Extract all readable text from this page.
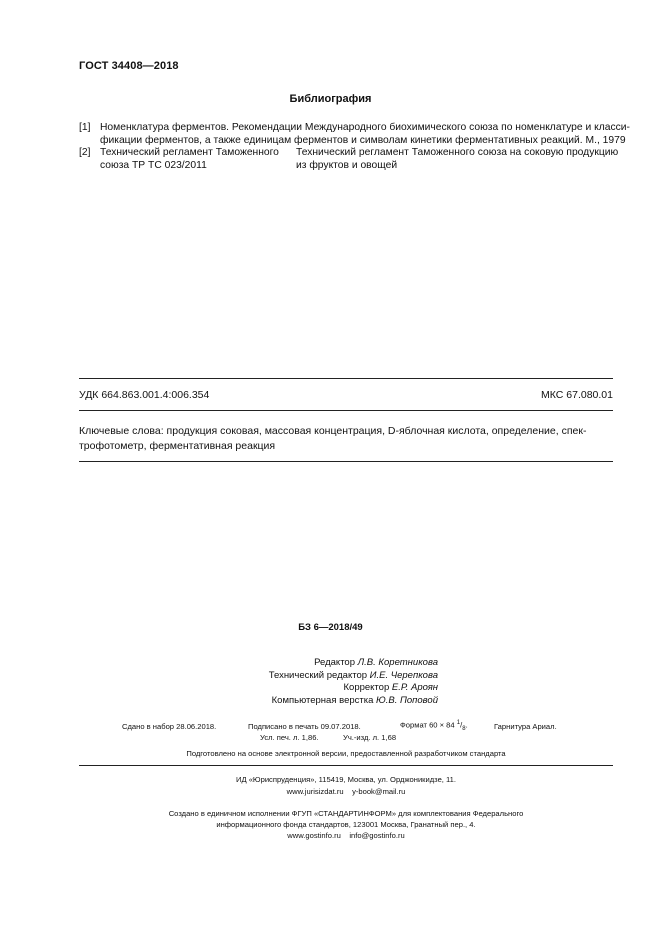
ГОСТ 34408—2018
Библиография
[1] Номенклатура ферментов. Рекомендации Международного биохимического союза по номенклатуре и класси-
фикации ферментов, а также единицам ферментов и символам кинетики ферментативных реакций. М., 1979
[2] Технический регламент Таможенного
союза ТР ТС 023/2011
Технический регламент Таможенного союза на соковую продукцию
из фруктов и овощей
УДК 664.863.001.4:006.354	МКС 67.080.01
Ключевые слова: продукция соковая, массовая концентрация, D-яблочная кислота, определение, спек-
трофотометр, ферментативная реакция
БЗ 6—2018/49
Редактор Л.В. Коретникова
Технический редактор И.Е. Черепкова
Корректор Е.Р. Ароян
Компьютерная верстка Ю.В. Поповой
Сдано в набор 28.06.2018.	Подписано в печать 09.07.2018.	Формат 60 × 84 $^1/_8$.	Гарнитура Ариал.
Усл. печ. л. 1,86.	Уч.-изд. л. 1,68
Подготовлено на основе электронной версии, предоставленной разработчиком стандарта
ИД «Юриспруденция», 115419, Москва, ул. Орджоникидзе, 11.
www.jurisizdat.ru y-book@mail.ru
Создано в единичном исполнении ФГУП «СТАНДАРТИНФОРМ» для комплектования Федерального
информационного фонда стандартов, 123001 Москва, Гранатный пер., 4.
www.gostinfo.ru info@gostinfo.ru
